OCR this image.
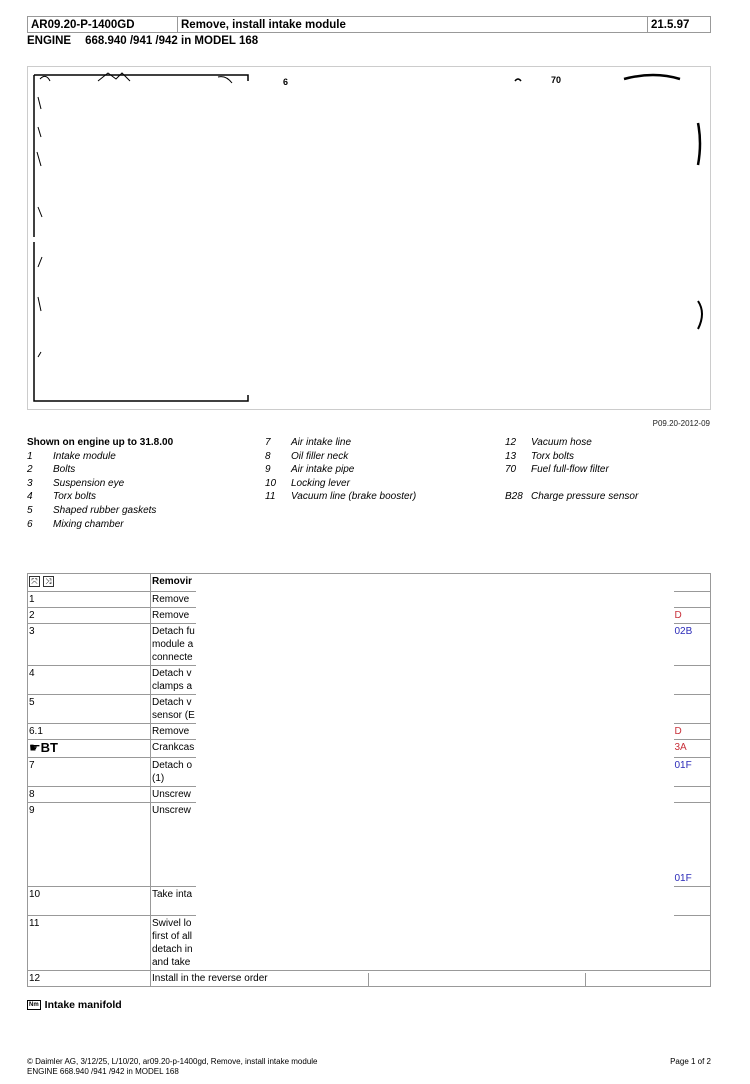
AR09.20-P-1400GD	Remove, install intake module	21.5.97
ENGINE 668.940 /941 /942 in MODEL 168
6	70
P09.20-2012-09
Shown on engine up to 31.8.00
1	Intake module
2	Bolts
3	Suspension eye
4	Torx bolts
5	Shaped rubber gaskets
6	Mixing chamber
7	Air intake line
8	Oil filler neck
9	Air intake pipe
10	Locking lever
11	Vacuum line (brake booster)
12	Vacuum hose
13	Torx bolts
70	Fuel full-flow filter
B28 Charge pressure sensor
⤧ ⤨	Removir	
1	Remove	
2	Remove	D
3	Detach fu
module a
connecte	02B
4	Detach v
clamps a	
5	Detach v
sensor (E	
6.1	Remove	D
☛BT	Crankcas	3A
7	Detach o
(1)	01F
8	Unscrew	
9	Unscrew	01F
10	Take inta	
11	Swivel lo
first of all
detach in
and take	
12	Install in the reverse order	
Nm Intake manifold
© Daimler AG, 3/12/25, L/10/20, ar09.20-p-1400gd, Remove, install intake module
ENGINE 668.940 /941 /942 in MODEL 168
Page 1 of 2
